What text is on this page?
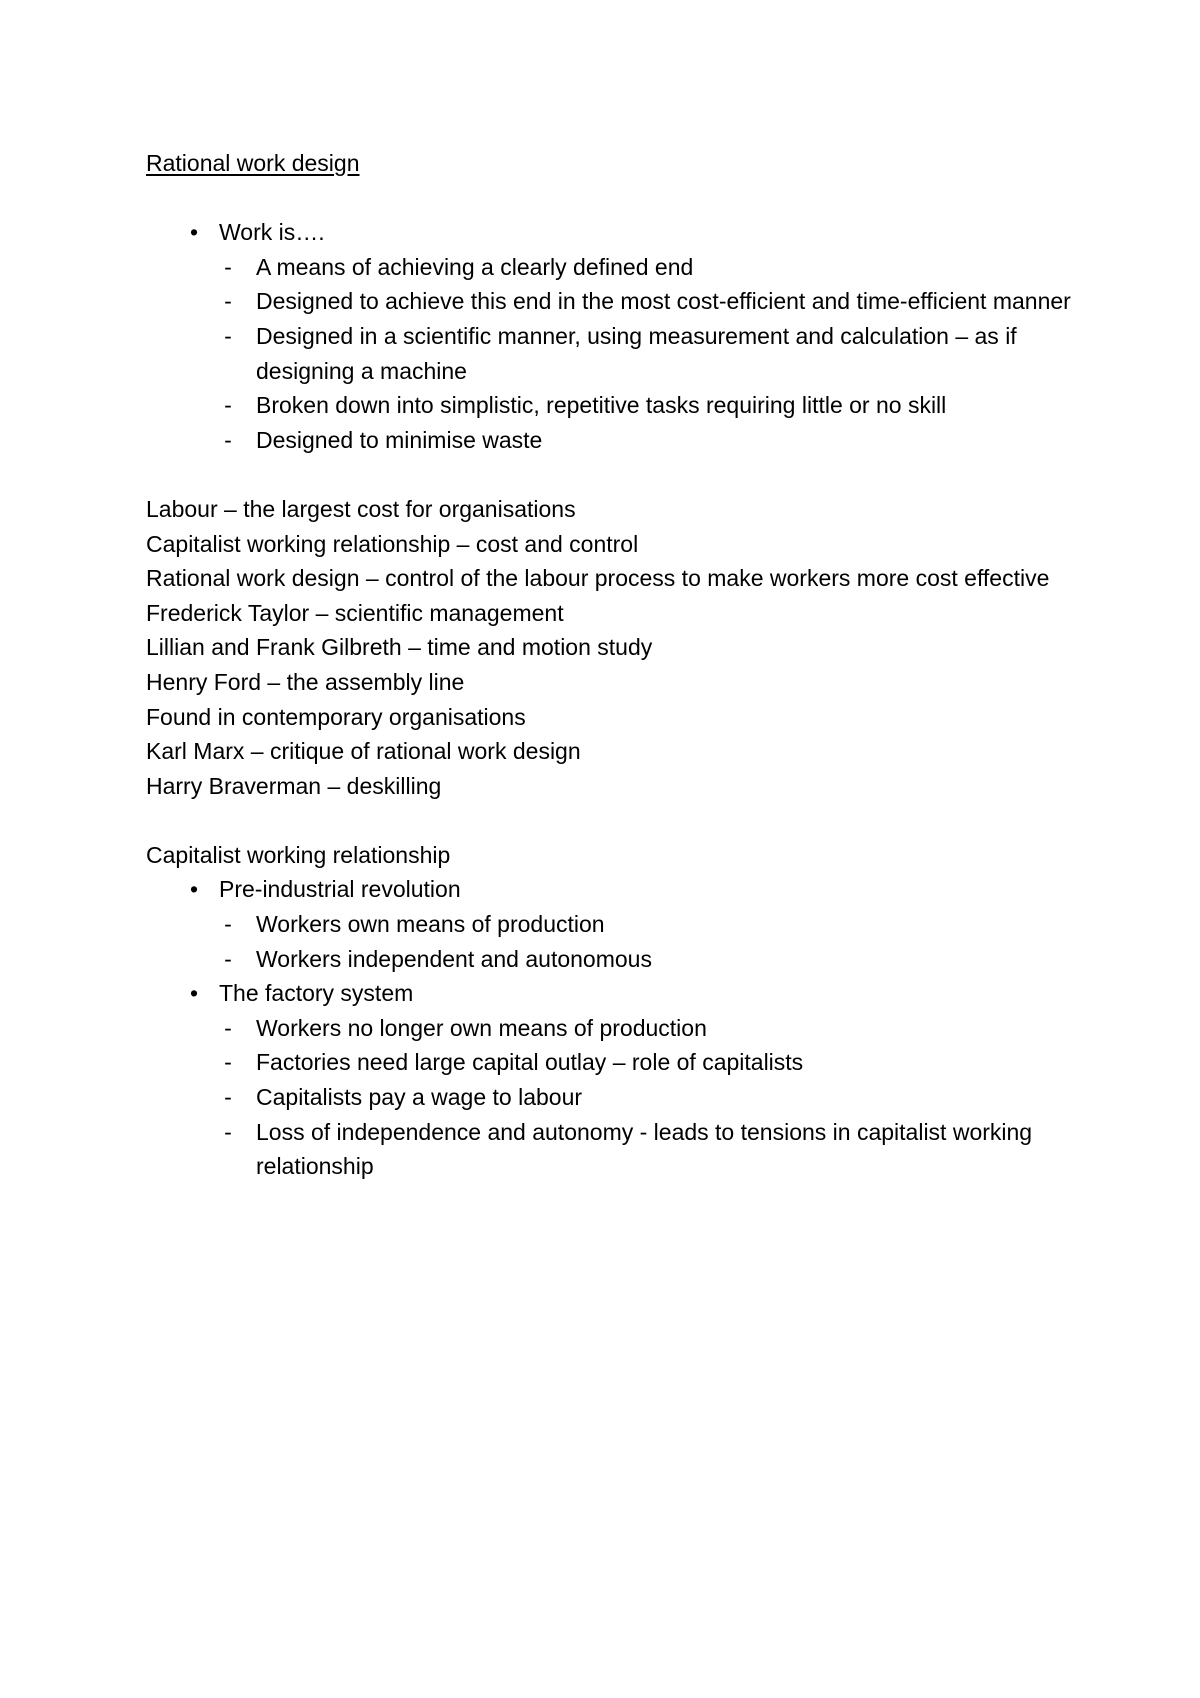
Rational work design
• Work is….
- A means of achieving a clearly defined end
- Designed to achieve this end in the most cost-efficient and time-efficient manner
- Designed in a scientific manner, using measurement and calculation – as if designing a machine
- Broken down into simplistic, repetitive tasks requiring little or no skill
- Designed to minimise waste
Labour – the largest cost for organisations
Capitalist working relationship – cost and control
Rational work design – control of the labour process to make workers more cost effective
Frederick Taylor – scientific management
Lillian and Frank Gilbreth – time and motion study
Henry Ford – the assembly line
Found in contemporary organisations
Karl Marx – critique of rational work design
Harry Braverman – deskilling
Capitalist working relationship
• Pre-industrial revolution
- Workers own means of production
- Workers independent and autonomous
• The factory system
- Workers no longer own means of production
- Factories need large capital outlay – role of capitalists
- Capitalists pay a wage to labour
- Loss of independence and autonomy - leads to tensions in capitalist working relationship
